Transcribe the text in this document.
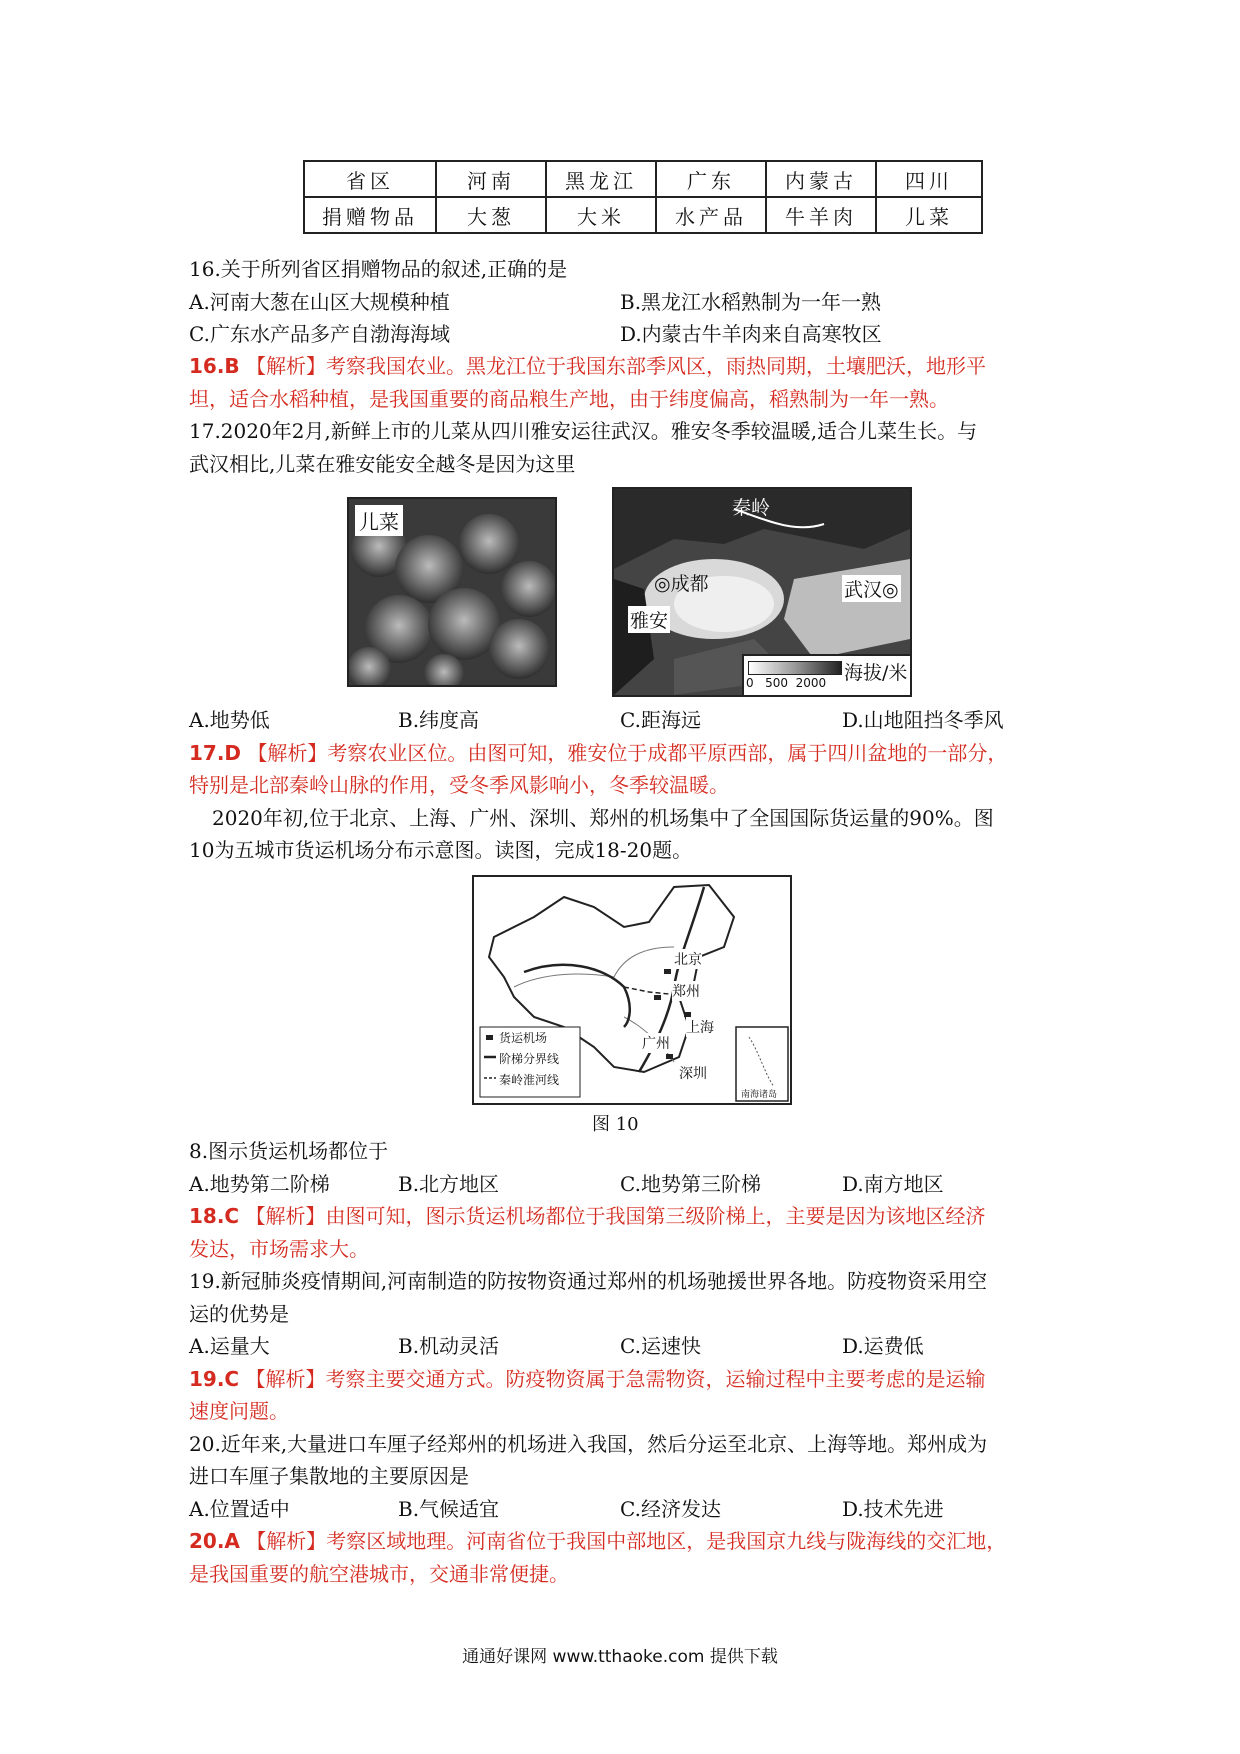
省区	河南	黑龙江	广东	内蒙古	四川
捐赠物品	大葱	大米	水产品	牛羊肉	儿菜
16.关于所列省区捐赠物品的叙述,正确的是
A.河南大葱在山区大规模种植	B.黑龙江水稻熟制为一年一熟
C.广东水产品多产自渤海海域	D.内蒙古牛羊肉来自高寒牧区
16.B 【解析】考察我国农业。黑龙江位于我国东部季风区，雨热同期，土壤肥沃，地形平
坦，适合水稻种植，是我国重要的商品粮生产地，由于纬度偏高，稻熟制为一年一熟。
17.2020年2月,新鲜上市的儿菜从四川雅安运往武汉。雅安冬季较温暖,适合儿菜生长。与
武汉相比,儿菜在雅安能安全越冬是因为这里
儿菜
秦岭
◎成都
雅安
武汉◎
海拔/米
0   500  2000
A.地势低	B.纬度高	C.距海远	D.山地阻挡冬季风
17.D 【解析】考察农业区位。由图可知，雅安位于成都平原西部，属于四川盆地的一部分，
特别是北部秦岭山脉的作用，受冬季风影响小，冬季较温暖。
2020年初,位于北京、上海、广州、深圳、郑州的机场集中了全国国际货运量的90%。图
10为五城市货运机场分布示意图。读图，完成18-20题。
北京
郑州
上海
广州
深圳
货运机场
阶梯分界线
秦岭淮河线
南海诸岛
图 10
8.图示货运机场都位于
A.地势第二阶梯	B.北方地区	C.地势第三阶梯	D.南方地区
18.C 【解析】由图可知，图示货运机场都位于我国第三级阶梯上，主要是因为该地区经济
发达，市场需求大。
19.新冠肺炎疫情期间,河南制造的防按物资通过郑州的机场驰援世界各地。防疫物资采用空
运的优势是
A.运量大	B.机动灵活	C.运速快	D.运费低
19.C 【解析】考察主要交通方式。防疫物资属于急需物资，运输过程中主要考虑的是运输
速度问题。
20.近年来,大量进口车厘子经郑州的机场进入我国，然后分运至北京、上海等地。郑州成为
进口车厘子集散地的主要原因是
A.位置适中	B.气候适宜	C.经济发达	D.技术先进
20.A 【解析】考察区域地理。河南省位于我国中部地区，是我国京九线与陇海线的交汇地，
是我国重要的航空港城市，交通非常便捷。
通通好课网 www.tthaoke.com 提供下载
